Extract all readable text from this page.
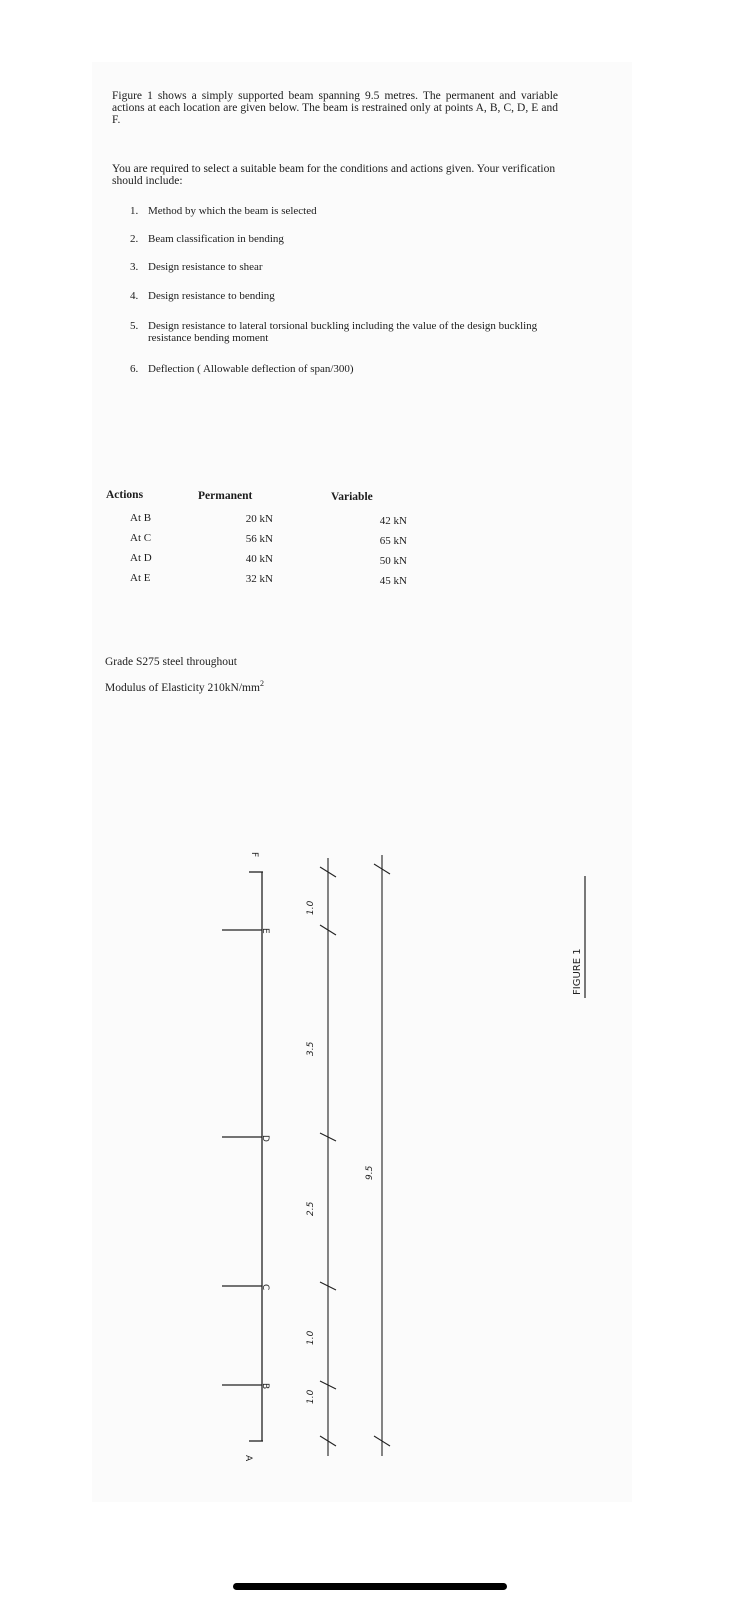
Figure 1 shows a simply supported beam spanning 9.5 metres. The permanent and variable actions at each location are given below. The beam is restrained only at points A, B, C, D, E and F.

You are required to select a suitable beam for the conditions and actions given. Your verification should include:

1. Method by which the beam is selected
2. Beam classification in bending
3. Design resistance to shear
4. Design resistance to bending
5. Design resistance to lateral torsional buckling including the value of the design buckling resistance bending moment
6. Deflection ( Allowable deflection of span/300)
Actions	Permanent	Variable
At B	20 kN	42 kN
At C	56 kN	65 kN
At D	40 kN	50 kN
At E	32 kN	45 kN
Grade S275 steel throughout
Modulus of Elasticity $210kN/mm^2$
A
B
C
D
E
F
1.0
1.0
2.5
3.5
1.0
9.5
FIGURE 1
